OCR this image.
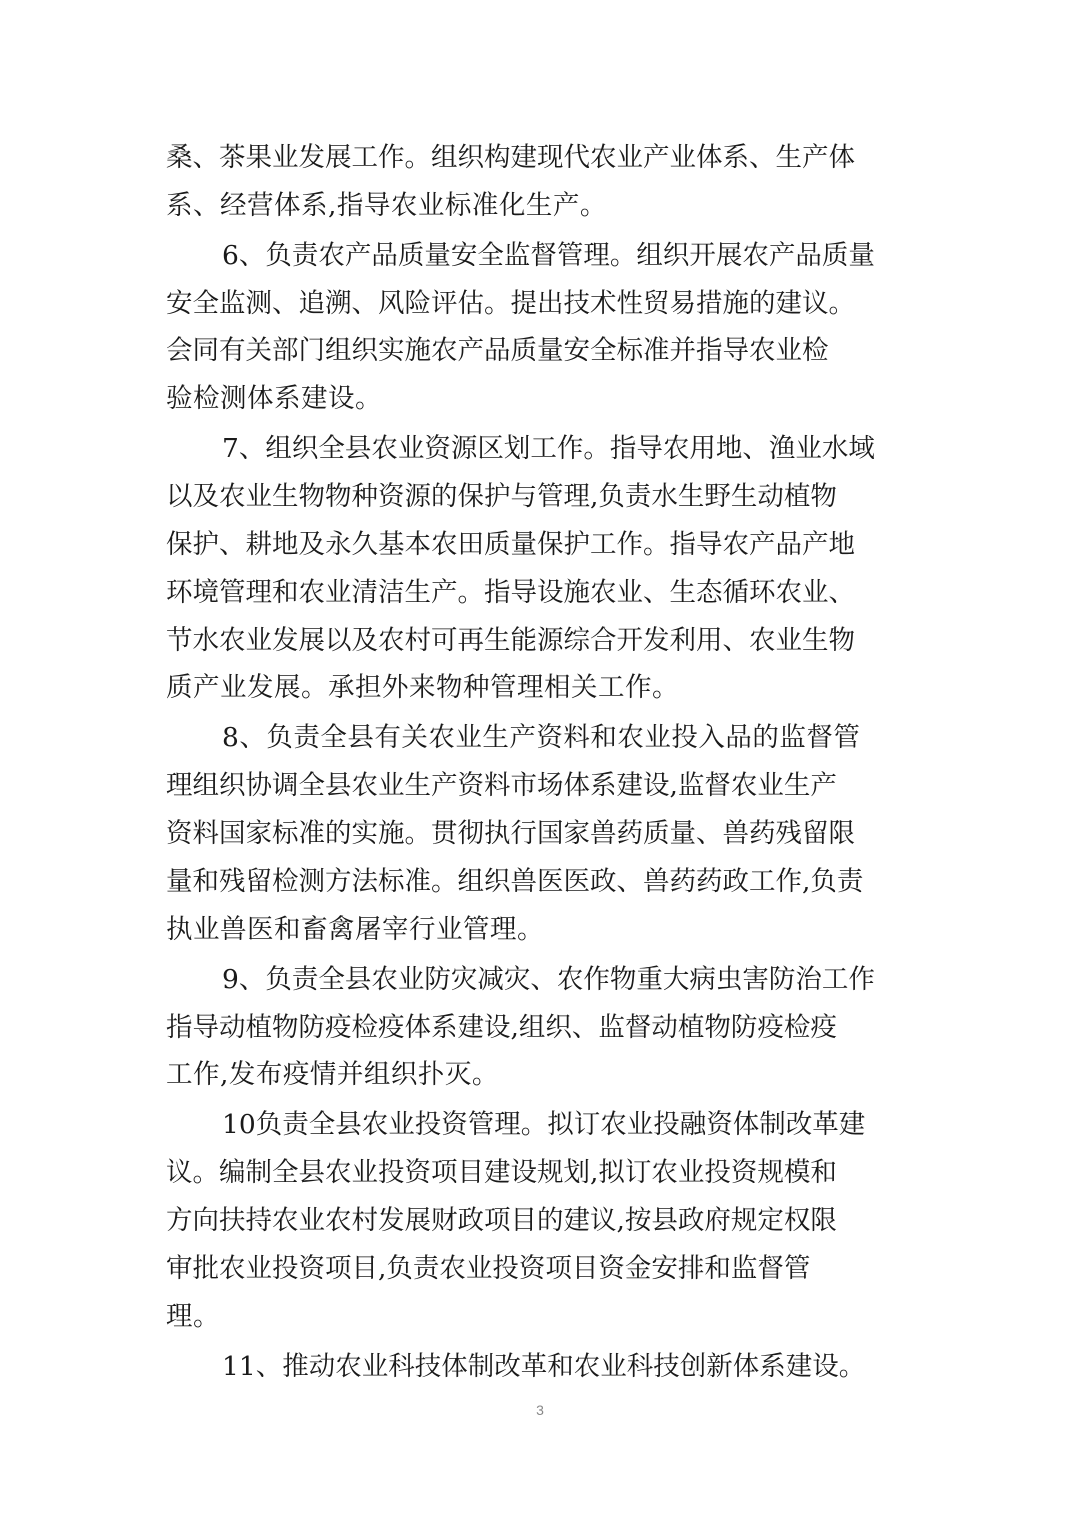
桑、茶果业发展工作。组织构建现代农业产业体系、生产体
系、经营体系,指导农业标准化生产。
6、负责农产品质量安全监督管理。组织开展农产品质量
安全监测、追溯、风险评估。提出技术性贸易措施的建议。
会同有关部门组织实施农产品质量安全标准并指导农业检
验检测体系建设。
7、组织全县农业资源区划工作。指导农用地、渔业水域
以及农业生物物种资源的保护与管理,负责水生野生动植物
保护、耕地及永久基本农田质量保护工作。指导农产品产地
环境管理和农业清洁生产。指导设施农业、生态循环农业、
节水农业发展以及农村可再生能源综合开发利用、农业生物
质产业发展。承担外来物种管理相关工作。
8、负责全县有关农业生产资料和农业投入品的监督管
理组织协调全县农业生产资料市场体系建设,监督农业生产
资料国家标准的实施。贯彻执行国家兽药质量、兽药残留限
量和残留检测方法标准。组织兽医医政、兽药药政工作,负责
执业兽医和畜禽屠宰行业管理。
9、负责全县农业防灾减灾、农作物重大病虫害防治工作
指导动植物防疫检疫体系建设,组织、监督动植物防疫检疫
工作,发布疫情并组织扑灭。
10负责全县农业投资管理。拟订农业投融资体制改革建
议。编制全县农业投资项目建设规划,拟订农业投资规模和
方向扶持农业农村发展财政项目的建议,按县政府规定权限
审批农业投资项目,负责农业投资项目资金安排和监督管
理。
11、推动农业科技体制改革和农业科技创新体系建设。
3
